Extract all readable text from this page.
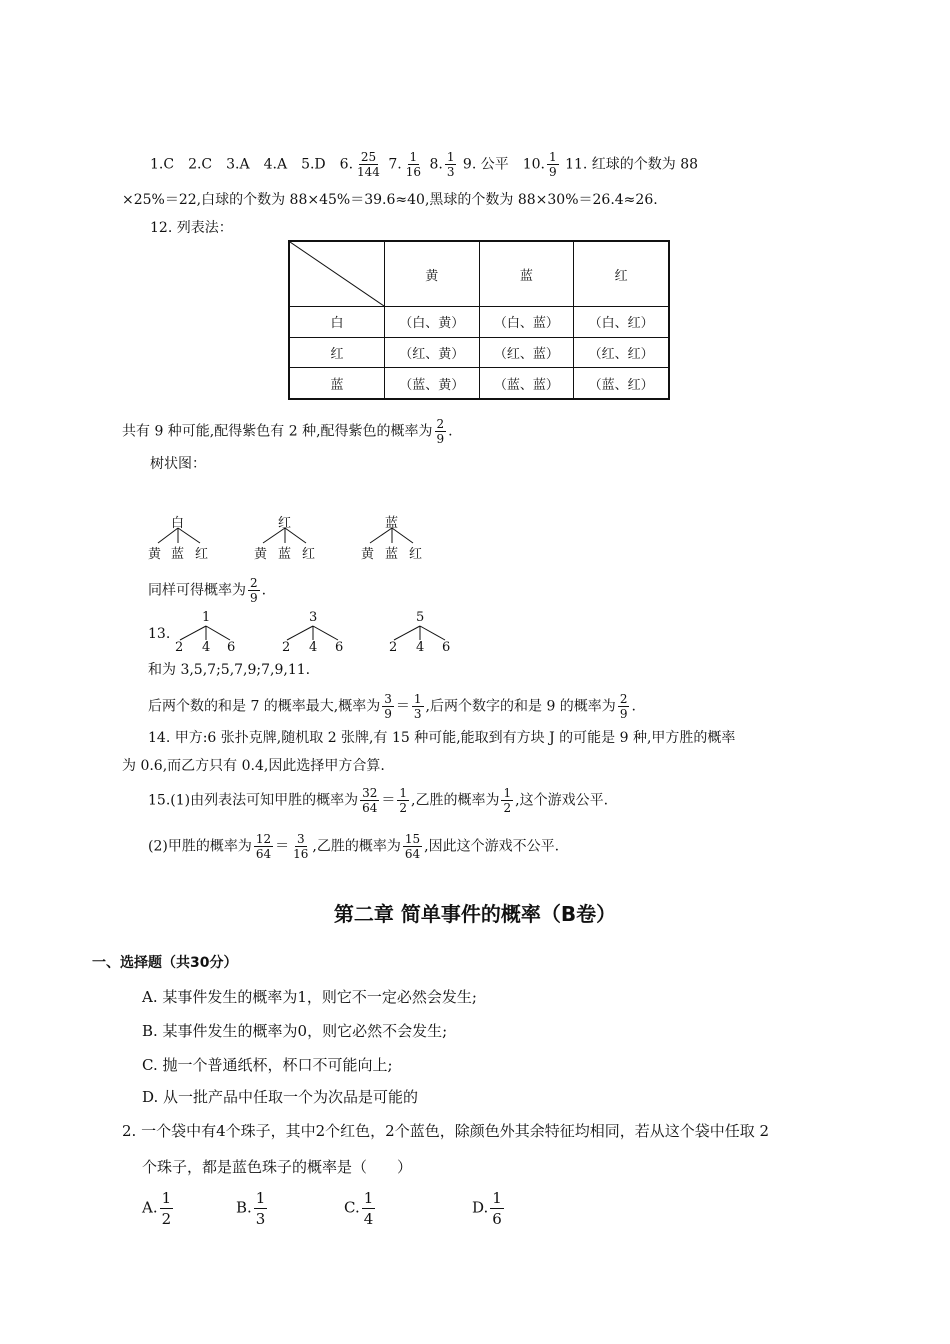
1.C　2.C　3.A　4.A　5.D　6. $\frac{25}{144} 7$. $\frac{1}{16} 8$. $\frac{1}{3} 9$. 公平　10. $\frac{1}{9} 11$. 红球的个数为 88
×25%＝22,白球的个数为 88×45%＝39.6≈40,黑球的个数为 88×30%＝26.4≈26.
12. 列表法：
	黄	蓝	红
白	（白、黄）	（白、蓝）	（白、红）
红	（红、黄）	（红、蓝）	（红、红）
蓝	（蓝、黄）	（蓝、蓝）	（蓝、红）
共有 9 种可能,配得紫色有 2 种,配得紫色的概率为 $\frac{2}{9}$ .
树状图：
白
黄 蓝 红
红
黄 蓝 红
蓝
黄 蓝 红
同样可得概率为 $\frac{2}{9}$ .
13.
1
2 4 6
3
2 4 6
5
2 4 6
和为 3,5,7;5,7,9;7,9,11.
后两个数的和是 7 的概率最大,概率为 $\frac{3}{9} = \frac{1}{3}$ ,后两个数字的和是 9 的概率为 $\frac{2}{9}$ .
14. 甲方:6 张扑克牌,随机取 2 张牌,有 15 种可能,能取到有方块 J 的可能是 9 种,甲方胜的概率
为 0.6,而乙方只有 0.4,因此选择甲方合算.
15.(1)由列表法可知甲胜的概率为 $\frac{32}{64} = \frac{1}{2}$ ,乙胜的概率为 $\frac{1}{2}$ ,这个游戏公平.
(2)甲胜的概率为 $\frac{12}{64} = \frac{3}{16}$ ,乙胜的概率为 $\frac{15}{64}$ ,因此这个游戏不公平.
第二章 简单事件的概率（B卷）
一、选择题（共30分）
A. 某事件发生的概率为1，则它不一定必然会发生;
B. 某事件发生的概率为0，则它必然不会发生;
C. 抛一个普通纸杯，杯口不可能向上;
D. 从一批产品中任取一个为次品是可能的
2. 一个袋中有4个珠子，其中2个红色，2个蓝色，除颜色外其余特征均相同，若从这个袋中任取 2
个珠子，都是蓝色珠子的概率是（　　）
A. $\frac{1}{2}$	B. $\frac{1}{3}$	C. $\frac{1}{4}$	D. $\frac{1}{6}$
